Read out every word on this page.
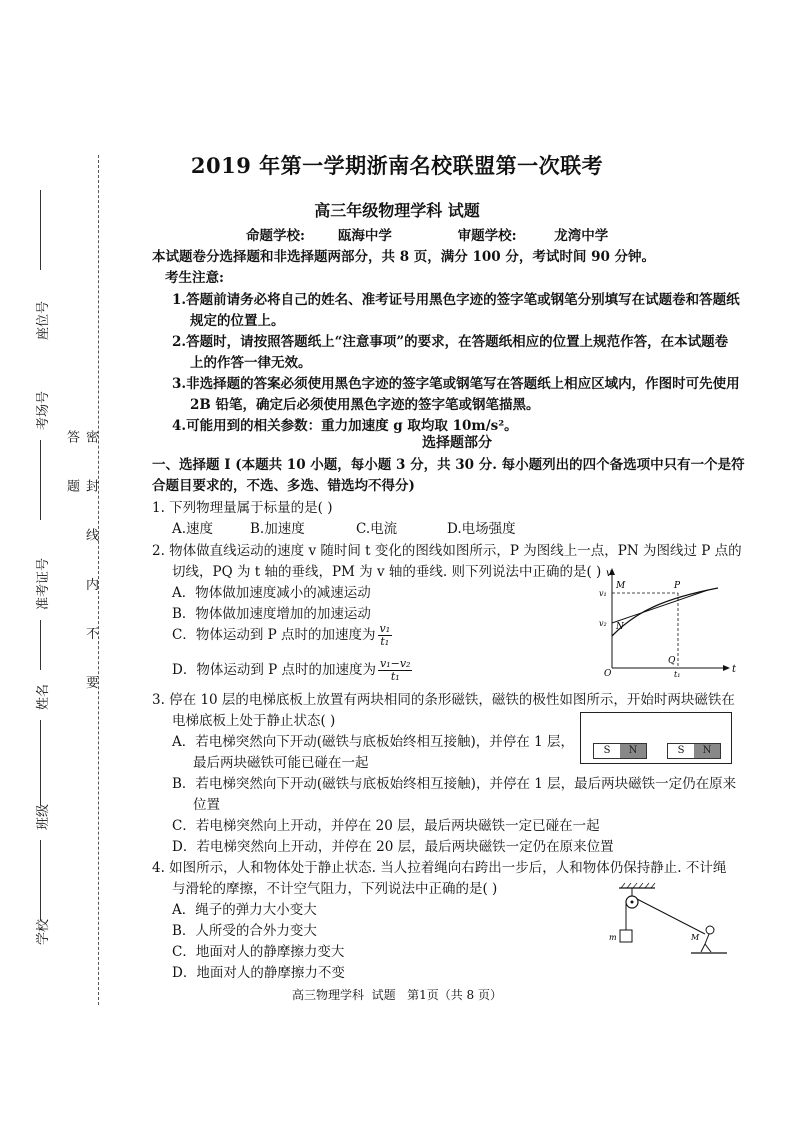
座位号
考场号
准考证号
姓名
班级
学校
密 封 线 内 不 要 答 题
2019 年第一学期浙南名校联盟第一次联考
高三年级物理学科 试题
命题学校:       瓯海中学              审题学校:        龙湾中学
本试题卷分选择题和非选择题两部分，共 8 页，满分 100 分，考试时间 90 分钟。
考生注意:
1.答题前请务必将自己的姓名、准考证号用黑色字迹的签字笔或钢笔分别填写在试题卷和答题纸
规定的位置上。
2.答题时，请按照答题纸上“注意事项”的要求，在答题纸相应的位置上规范作答，在本试题卷
上的作答一律无效。
3.非选择题的答案必须使用黑色字迹的签字笔或钢笔写在答题纸上相应区域内，作图时可先使用
2B 铅笔，确定后必须使用黑色字迹的签字笔或钢笔描黑。
4.可能用到的相关参数：重力加速度 g 取均取 10m/s²。
选择题部分
一、选择题 I (本题共 10 小题，每小题 3 分，共 30 分. 每小题列出的四个备选项中只有一个是符
合题目要求的，不选、多选、错选均不得分)
1. 下列物理量属于标量的是( )
A.速度	B.加速度	C.电流	D.电场强度
2. 物体做直线运动的速度 v 随时间 t 变化的图线如图所示，P 为图线上一点，PN 为图线过 P 点的
切线，PQ 为 t 轴的垂线，PM 为 v 轴的垂线. 则下列说法中正确的是( )
A．物体做加速度减小的减速运动
B．物体做加速度增加的加速运动
C．物体运动到 P 点时的加速度为 $\frac{\text{v₁}}{\text{t₁}}$
D．物体运动到 P 点时的加速度为 $\frac{\text{v₁−v₂}}{\text{t₁}}$
v
t
M	P
N
Q
O
v₁
v₂
t₁
3. 停在 10 层的电梯底板上放置有两块相同的条形磁铁，磁铁的极性如图所示，开始时两块磁铁在
电梯底板上处于静止状态( )
A．若电梯突然向下开动(磁铁与底板始终相互接触)，并停在 1 层，
最后两块磁铁可能已碰在一起
B．若电梯突然向下开动(磁铁与底板始终相互接触)，并停在 1 层，最后两块磁铁一定仍在原来
位置
C．若电梯突然向上开动，并停在 20 层，最后两块磁铁一定已碰在一起
D．若电梯突然向上开动，并停在 20 层，最后两块磁铁一定仍在原来位置
S	N	S	N
4. 如图所示，人和物体处于静止状态. 当人拉着绳向右跨出一步后，人和物体仍保持静止. 不计绳
与滑轮的摩擦，不计空气阻力，下列说法中正确的是( )
A．绳子的弹力大小变大
B．人所受的合外力变大
C．地面对人的静摩擦力变大
D．地面对人的静摩擦力不变
m	M
高三物理学科  试题   第1页（共 8 页）
